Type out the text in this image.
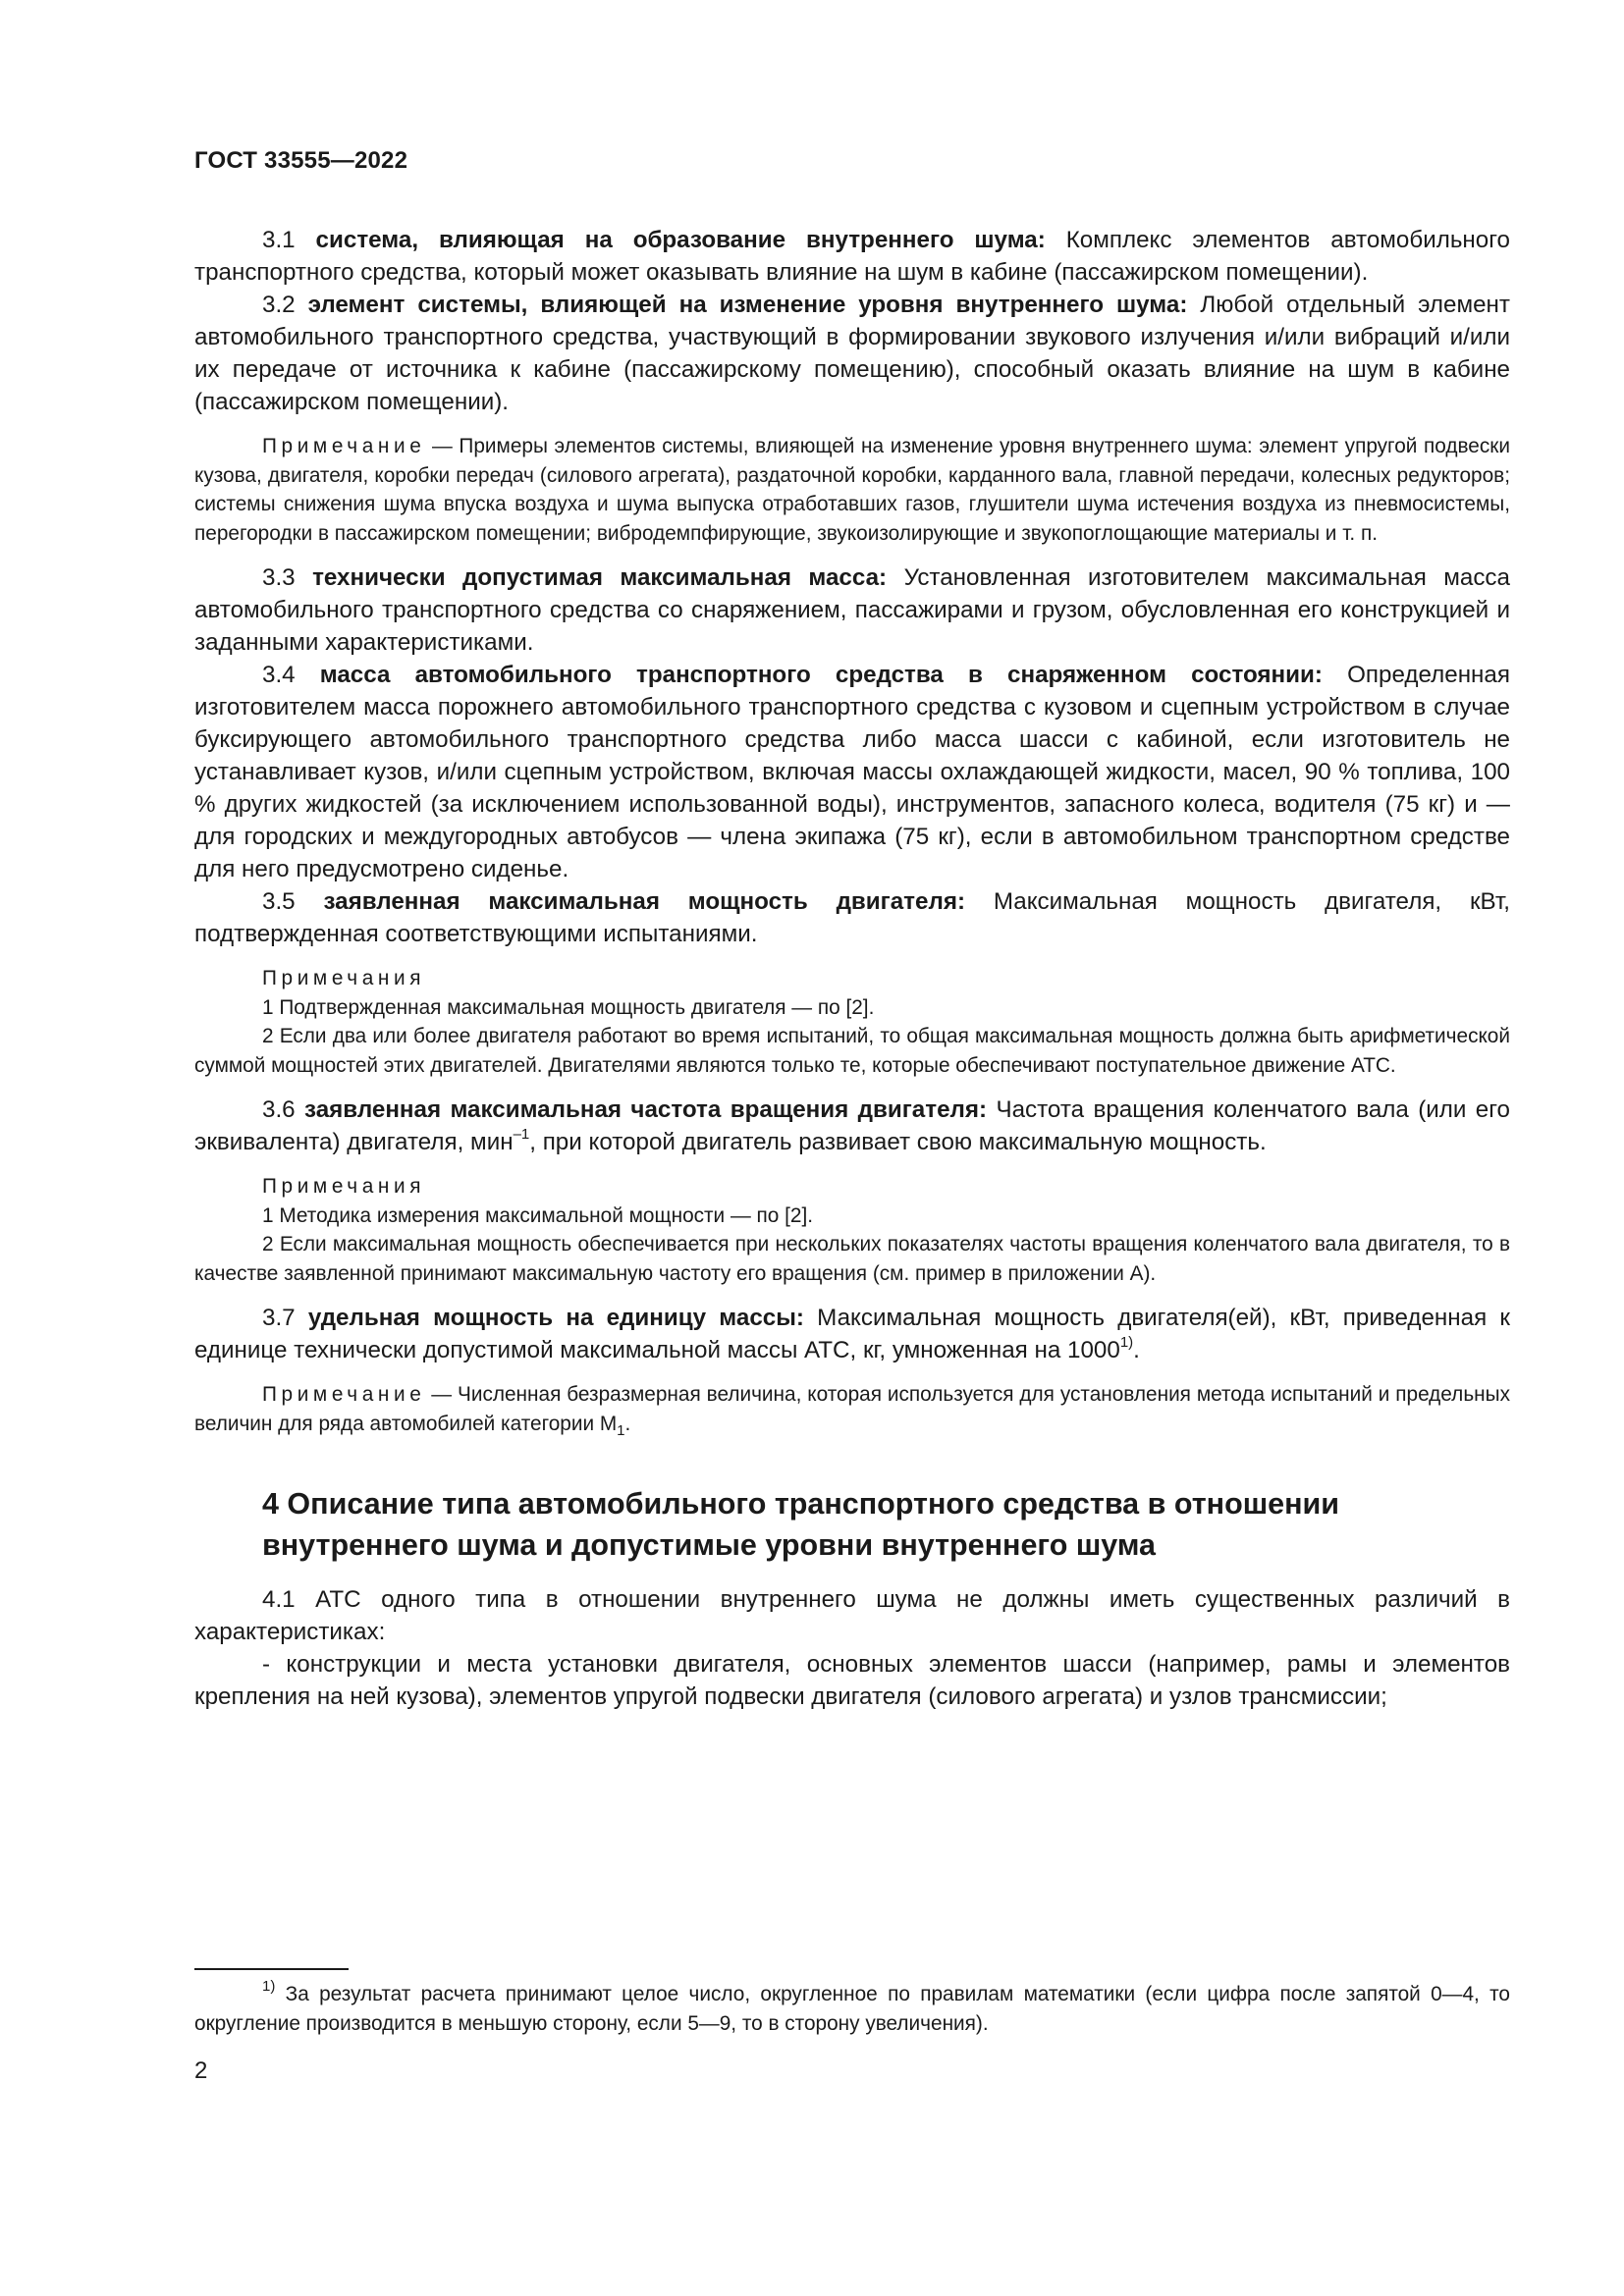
ГОСТ 33555—2022

3.1 система, влияющая на образование внутреннего шума: Комплекс элементов автомобильного транспортного средства, который может оказывать влияние на шум в кабине (пассажирском помещении).

3.2 элемент системы, влияющей на изменение уровня внутреннего шума: Любой отдельный элемент автомобильного транспортного средства, участвующий в формировании звукового излучения и/или вибраций и/или их передаче от источника к кабине (пассажирскому помещению), способный оказать влияние на шум в кабине (пассажирском помещении).

Примечание — Примеры элементов системы, влияющей на изменение уровня внутреннего шума: элемент упругой подвески кузова, двигателя, коробки передач (силового агрегата), раздаточной коробки, карданного вала, главной передачи, колесных редукторов; системы снижения шума впуска воздуха и шума выпуска отработавших газов, глушители шума истечения воздуха из пневмосистемы, перегородки в пассажирском помещении; вибродемпфирующие, звукоизолирующие и звукопоглощающие материалы и т. п.

3.3 технически допустимая максимальная масса: Установленная изготовителем максимальная масса автомобильного транспортного средства со снаряжением, пассажирами и грузом, обусловленная его конструкцией и заданными характеристиками.

3.4 масса автомобильного транспортного средства в снаряженном состоянии: Определенная изготовителем масса порожнего автомобильного транспортного средства с кузовом и сцепным устройством в случае буксирующего автомобильного транспортного средства либо масса шасси с кабиной, если изготовитель не устанавливает кузов, и/или сцепным устройством, включая массы охлаждающей жидкости, масел, 90 % топлива, 100 % других жидкостей (за исключением использованной воды), инструментов, запасного колеса, водителя (75 кг) и — для городских и междугородных автобусов — члена экипажа (75 кг), если в автомобильном транспортном средстве для него предусмотрено сиденье.

3.5 заявленная максимальная мощность двигателя: Максимальная мощность двигателя, кВт, подтвержденная соответствующими испытаниями.

Примечания

1 Подтвержденная максимальная мощность двигателя — по [2].

2 Если два или более двигателя работают во время испытаний, то общая максимальная мощность должна быть арифметической суммой мощностей этих двигателей. Двигателями являются только те, которые обеспечивают поступательное движение АТС.

3.6 заявленная максимальная частота вращения двигателя: Частота вращения коленчатого вала (или его эквивалента) двигателя, мин$^{-1}$, при которой двигатель развивает свою максимальную мощность.

Примечания

1 Методика измерения максимальной мощности — по [2].

2 Если максимальная мощность обеспечивается при нескольких показателях частоты вращения коленчатого вала двигателя, то в качестве заявленной принимают максимальную частоту его вращения (см. пример в приложении А).

3.7 удельная мощность на единицу массы: Максимальная мощность двигателя(ей), кВт, приведенная к единице технически допустимой максимальной массы АТС, кг, умноженная на 1000$^{1)}$.

Примечание — Численная безразмерная величина, которая используется для установления метода испытаний и предельных величин для ряда автомобилей категории $М_1$.

4 Описание типа автомобильного транспортного средства в отношении внутреннего шума и допустимые уровни внутреннего шума

4.1 АТС одного типа в отношении внутреннего шума не должны иметь существенных различий в характеристиках:

- конструкции и места установки двигателя, основных элементов шасси (например, рамы и элементов крепления на ней кузова), элементов упругой подвески двигателя (силового агрегата) и узлов трансмиссии;

$^{1)}$ За результат расчета принимают целое число, округленное по правилам математики (если цифра после запятой 0—4, то округление производится в меньшую сторону, если 5—9, то в сторону увеличения).

2
